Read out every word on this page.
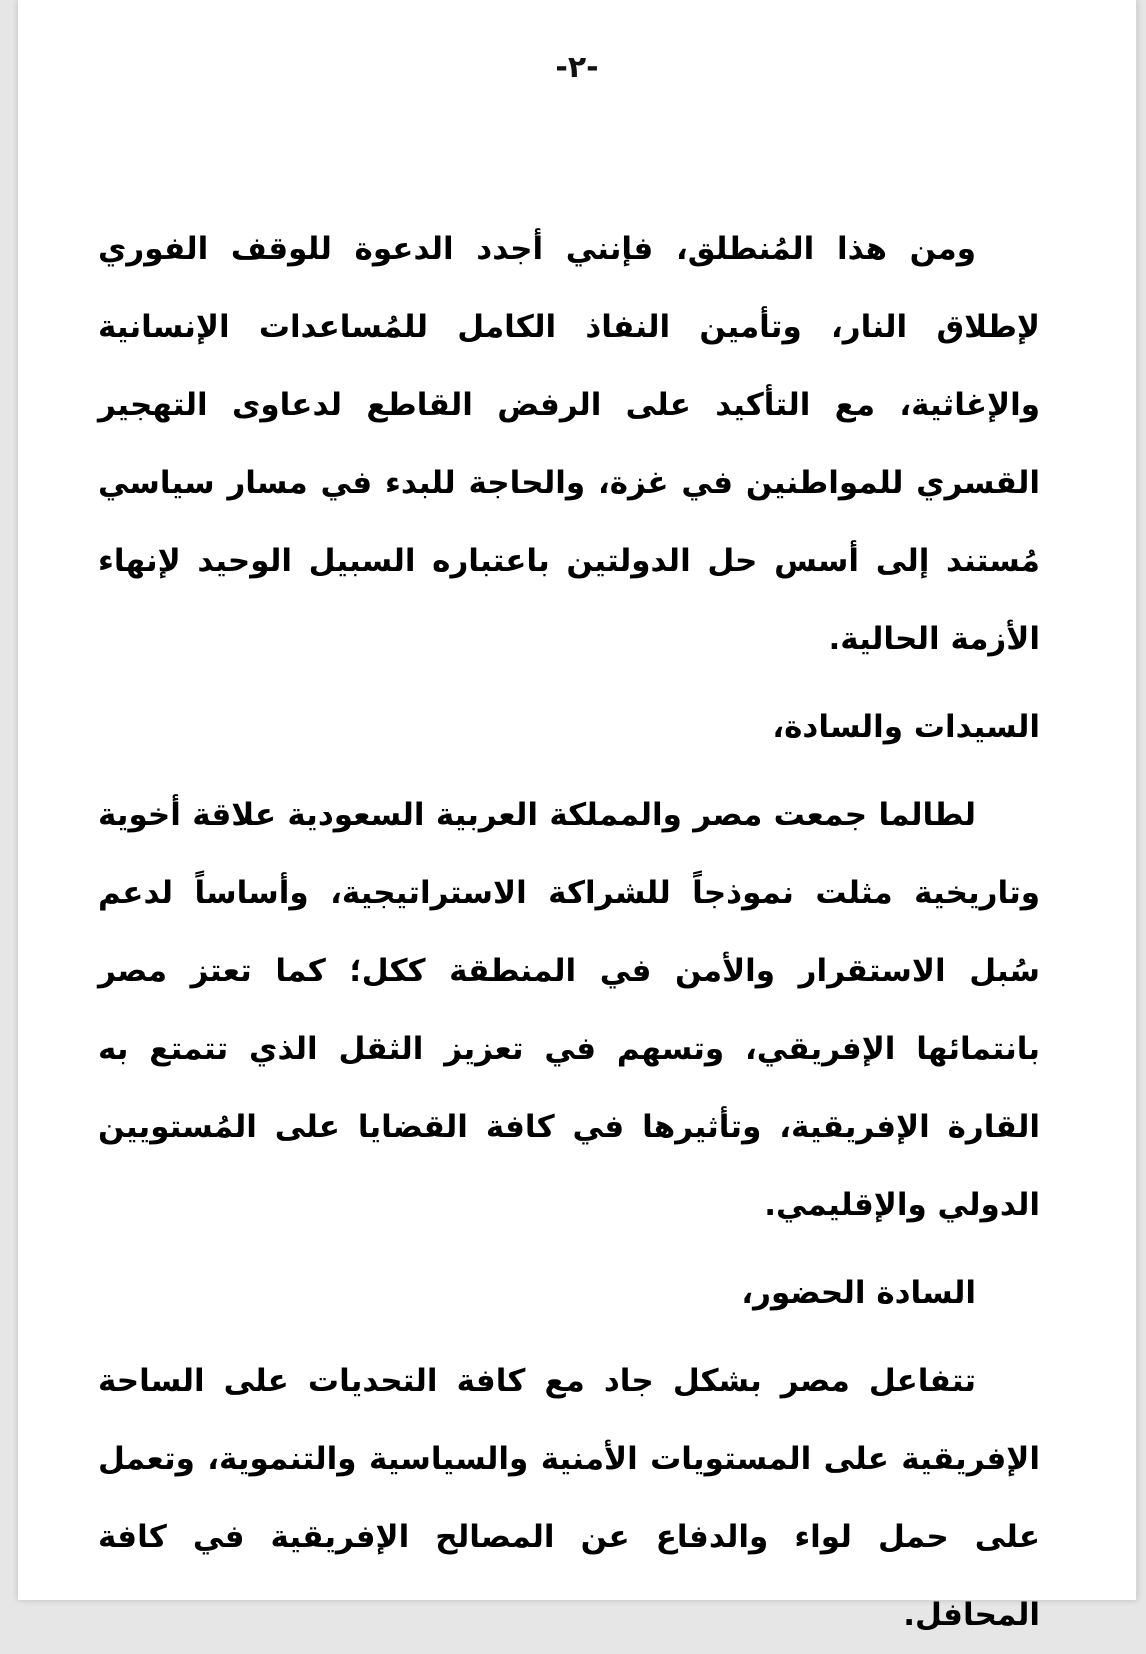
-٢-

ومن هذا المُنطلق، فإنني أجدد الدعوة للوقف الفوري لإطلاق النار، وتأمين النفاذ الكامل للمُساعدات الإنسانية والإغاثية، مع التأكيد على الرفض القاطع لدعاوى التهجير القسري للمواطنين في غزة، والحاجة للبدء في مسار سياسي مُستند إلى أسس حل الدولتين باعتباره السبيل الوحيد لإنهاء الأزمة الحالية.

السيدات والسادة،

لطالما جمعت مصر والمملكة العربية السعودية علاقة أخوية وتاريخية مثلت نموذجاً للشراكة الاستراتيجية، وأساساً لدعم سُبل الاستقرار والأمن في المنطقة ككل؛ كما تعتز مصر بانتمائها الإفريقي، وتسهم في تعزيز الثقل الذي تتمتع به القارة الإفريقية، وتأثيرها في كافة القضايا على المُستويين الدولي والإقليمي.

السادة الحضور،

تتفاعل مصر بشكل جاد مع كافة التحديات على الساحة الإفريقية على المستويات الأمنية والسياسية والتنموية، وتعمل على حمل لواء والدفاع عن المصالح الإفريقية في كافة المحافل.
